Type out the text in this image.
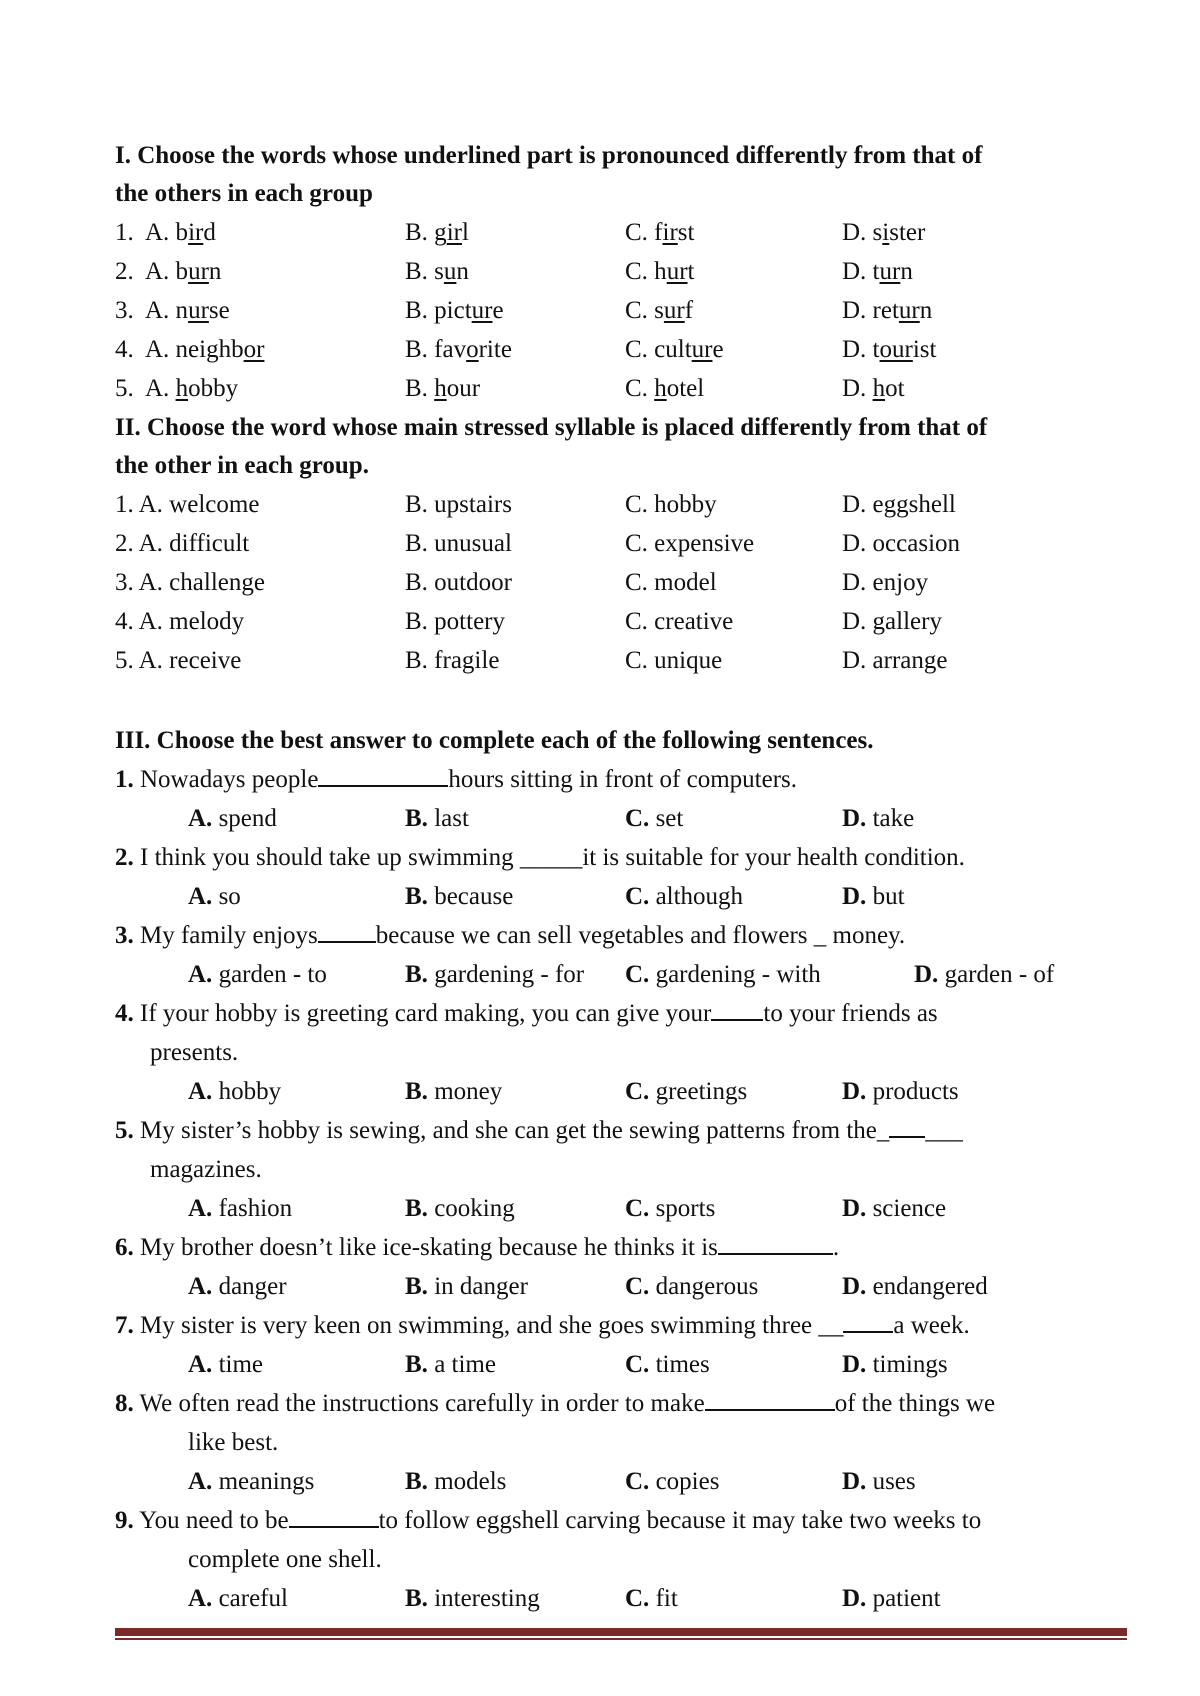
I. Choose the words whose underlined part is pronounced differently from that of
the others in each group
1. A. bird	B. girl	C. first	D. sister
2. A. burn	B. sun	C. hurt	D. turn
3. A. nurse	B. picture	C. surf	D. return
4. A. neighbor	B. favorite	C. culture	D. tourist
5. A. hobby	B. hour	C. hotel	D. hot
II. Choose the word whose main stressed syllable is placed differently from that of
the other in each group.
1. A. welcome	B. upstairs	C. hobby	D. eggshell
2. A. difficult	B. unusual	C. expensive	D. occasion
3. A. challenge	B. outdoor	C. model	D. enjoy
4. A. melody	B. pottery	C. creative	D. gallery
5. A. receive	B. fragile	C. unique	D. arrange
III. Choose the best answer to complete each of the following sentences.
1. Nowadays people	hours sitting in front of computers.
A. spend	B. last	C. set	D. take
2. I think you should take up swimming _____it is suitable for your health condition.
A. so	B. because	C. although	D. but
3. My family enjoys because we can sell vegetables and flowers _ money.
A. garden - to	B. gardening - for C. gardening - with	D. garden - of
4. If your hobby is greeting card making, you can give your to your friends as
presents.
A. hobby	B. money	C. greetings	D. products
5. My sister’s hobby is sewing, and she can get the sewing patterns from the_ ___
magazines.
A. fashion	B. cooking	C. sports	D. science
6. My brother doesn’t like ice-skating because he thinks it is	.
A. danger	B. in danger	C. dangerous	D. endangered
7. My sister is very keen on swimming, and she goes swimming three __ a week.
A. time	B. a time	C. times	D. timings
8. We often read the instructions carefully in order to make	of the things we
like best.
A. meanings	B. models	C. copies	D. uses
9. You need to be	to follow eggshell carving because it may take two weeks to
complete one shell.
A. careful	B. interesting	C. fit	D. patient
